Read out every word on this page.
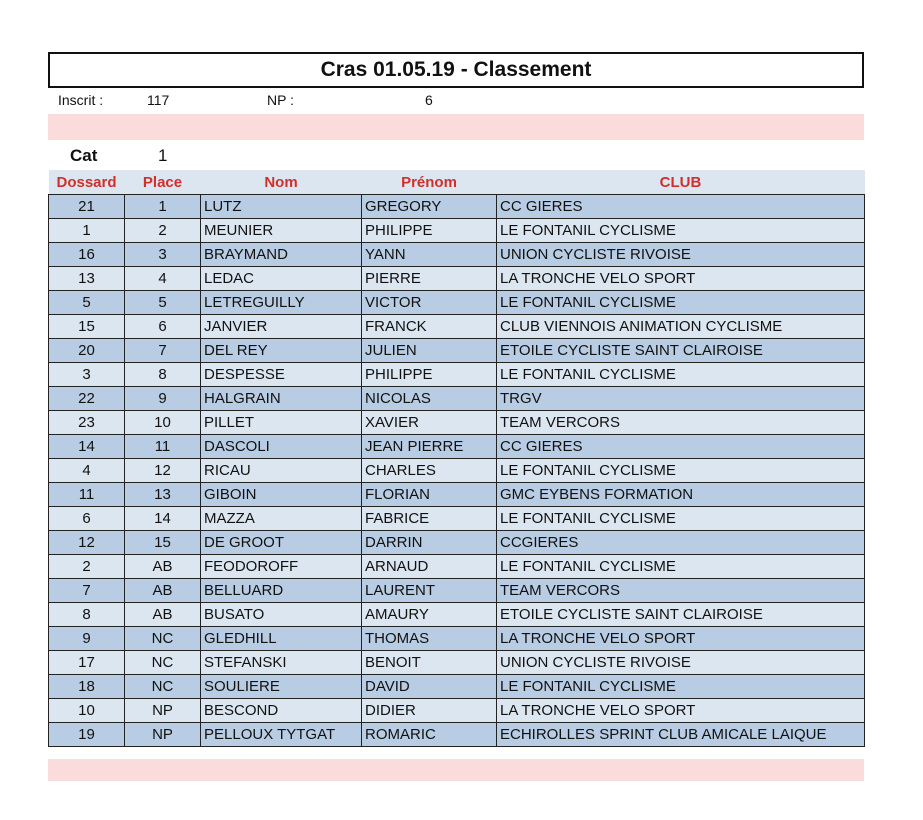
Cras 01.05.19 - Classement
Inscrit :	117	NP :	6
Cat	1
Dossard	Place	Nom	Prénom	CLUB
21	1	LUTZ	GREGORY	CC GIERES
1	2	MEUNIER	PHILIPPE	LE FONTANIL CYCLISME
16	3	BRAYMAND	YANN	UNION CYCLISTE RIVOISE
13	4	LEDAC	PIERRE	LA TRONCHE VELO SPORT
5	5	LETREGUILLY	VICTOR	LE FONTANIL CYCLISME
15	6	JANVIER	FRANCK	CLUB VIENNOIS ANIMATION CYCLISME
20	7	DEL REY	JULIEN	ETOILE CYCLISTE SAINT CLAIROISE
3	8	DESPESSE	PHILIPPE	LE FONTANIL CYCLISME
22	9	HALGRAIN	NICOLAS	TRGV
23	10	PILLET	XAVIER	TEAM VERCORS
14	11	DASCOLI	JEAN PIERRE	CC GIERES
4	12	RICAU	CHARLES	LE FONTANIL CYCLISME
11	13	GIBOIN	FLORIAN	GMC EYBENS FORMATION
6	14	MAZZA	FABRICE	LE FONTANIL CYCLISME
12	15	DE GROOT	DARRIN	CCGIERES
2	AB	FEODOROFF	ARNAUD	LE FONTANIL CYCLISME
7	AB	BELLUARD	LAURENT	TEAM VERCORS
8	AB	BUSATO	AMAURY	ETOILE CYCLISTE SAINT CLAIROISE
9	NC	GLEDHILL	THOMAS	LA TRONCHE VELO SPORT
17	NC	STEFANSKI	BENOIT	UNION CYCLISTE RIVOISE
18	NC	SOULIERE	DAVID	LE FONTANIL CYCLISME
10	NP	BESCOND	DIDIER	LA TRONCHE VELO SPORT
19	NP	PELLOUX TYTGAT	ROMARIC	ECHIROLLES SPRINT CLUB AMICALE LAIQUE
